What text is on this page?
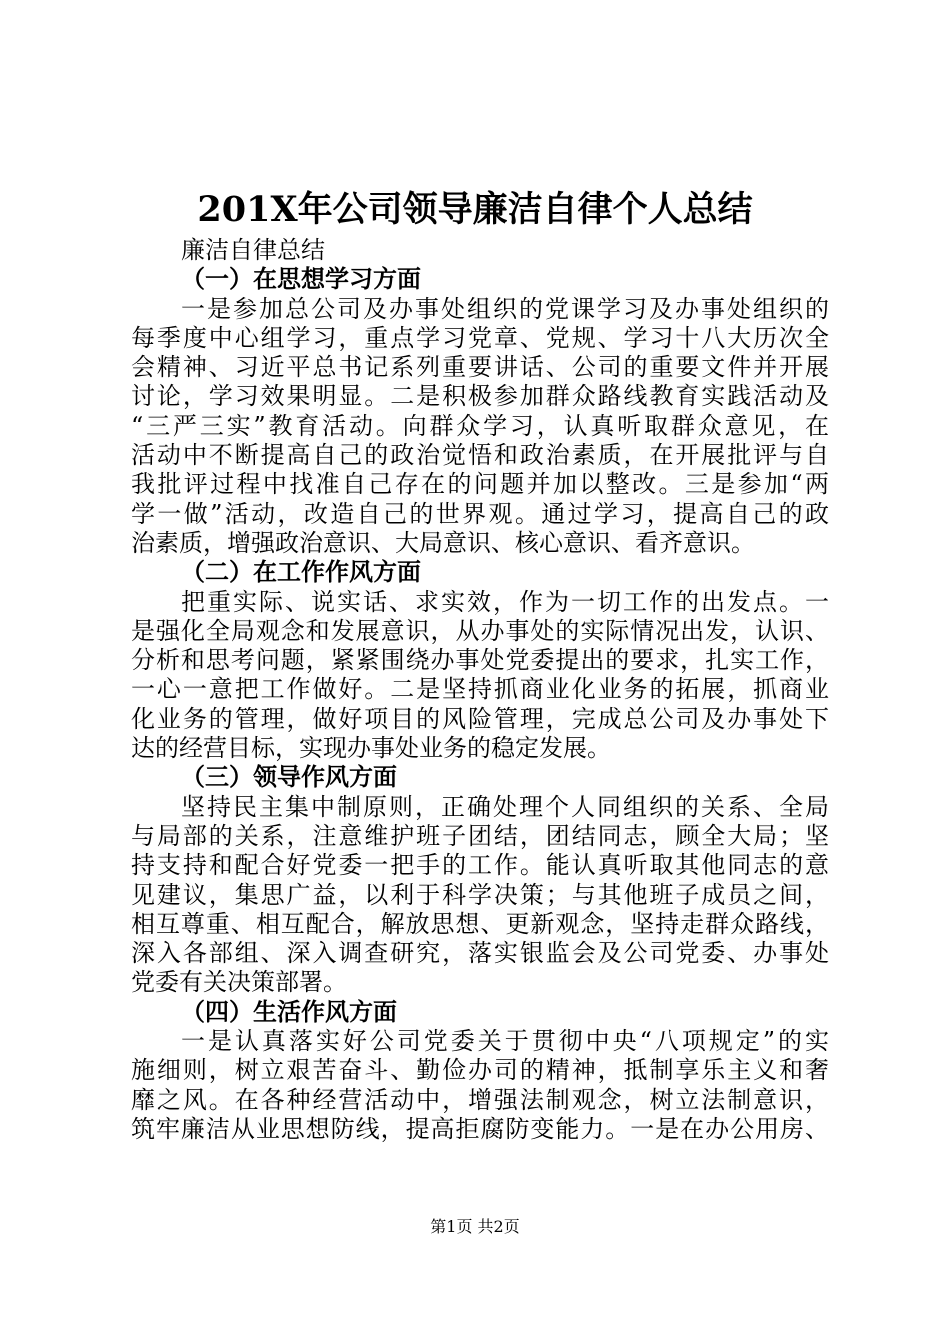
201X年公司领导廉洁自律个人总结
廉洁自律总结
（一）在思想学习方面
一是参加总公司及办事处组织的党课学习及办事处组织的
每季度中心组学习，重点学习党章、党规、学习十八大历次全
会精神、习近平总书记系列重要讲话、公司的重要文件并开展
讨论，学习效果明显。二是积极参加群众路线教育实践活动及
“三严三实”教育活动。向群众学习，认真听取群众意见，在
活动中不断提高自己的政治觉悟和政治素质，在开展批评与自
我批评过程中找准自己存在的问题并加以整改。三是参加“两
学一做”活动，改造自己的世界观。通过学习，提高自己的政
治素质，增强政治意识、大局意识、核心意识、看齐意识。
（二）在工作作风方面
把重实际、说实话、求实效，作为一切工作的出发点。一
是强化全局观念和发展意识，从办事处的实际情况出发，认识、
分析和思考问题，紧紧围绕办事处党委提出的要求，扎实工作，
一心一意把工作做好。二是坚持抓商业化业务的拓展，抓商业
化业务的管理，做好项目的风险管理，完成总公司及办事处下
达的经营目标，实现办事处业务的稳定发展。
（三）领导作风方面
坚持民主集中制原则，正确处理个人同组织的关系、全局
与局部的关系，注意维护班子团结，团结同志，顾全大局；坚
持支持和配合好党委一把手的工作。能认真听取其他同志的意
见建议，集思广益，以利于科学决策；与其他班子成员之间，
相互尊重、相互配合，解放思想、更新观念，坚持走群众路线，
深入各部组、深入调查研究，落实银监会及公司党委、办事处
党委有关决策部署。
（四）生活作风方面
一是认真落实好公司党委关于贯彻中央“八项规定”的实
施细则，树立艰苦奋斗、勤俭办司的精神，抵制享乐主义和奢
靡之风。在各种经营活动中，增强法制观念，树立法制意识，
筑牢廉洁从业思想防线，提高拒腐防变能力。一是在办公用房、
第1页 共2页
